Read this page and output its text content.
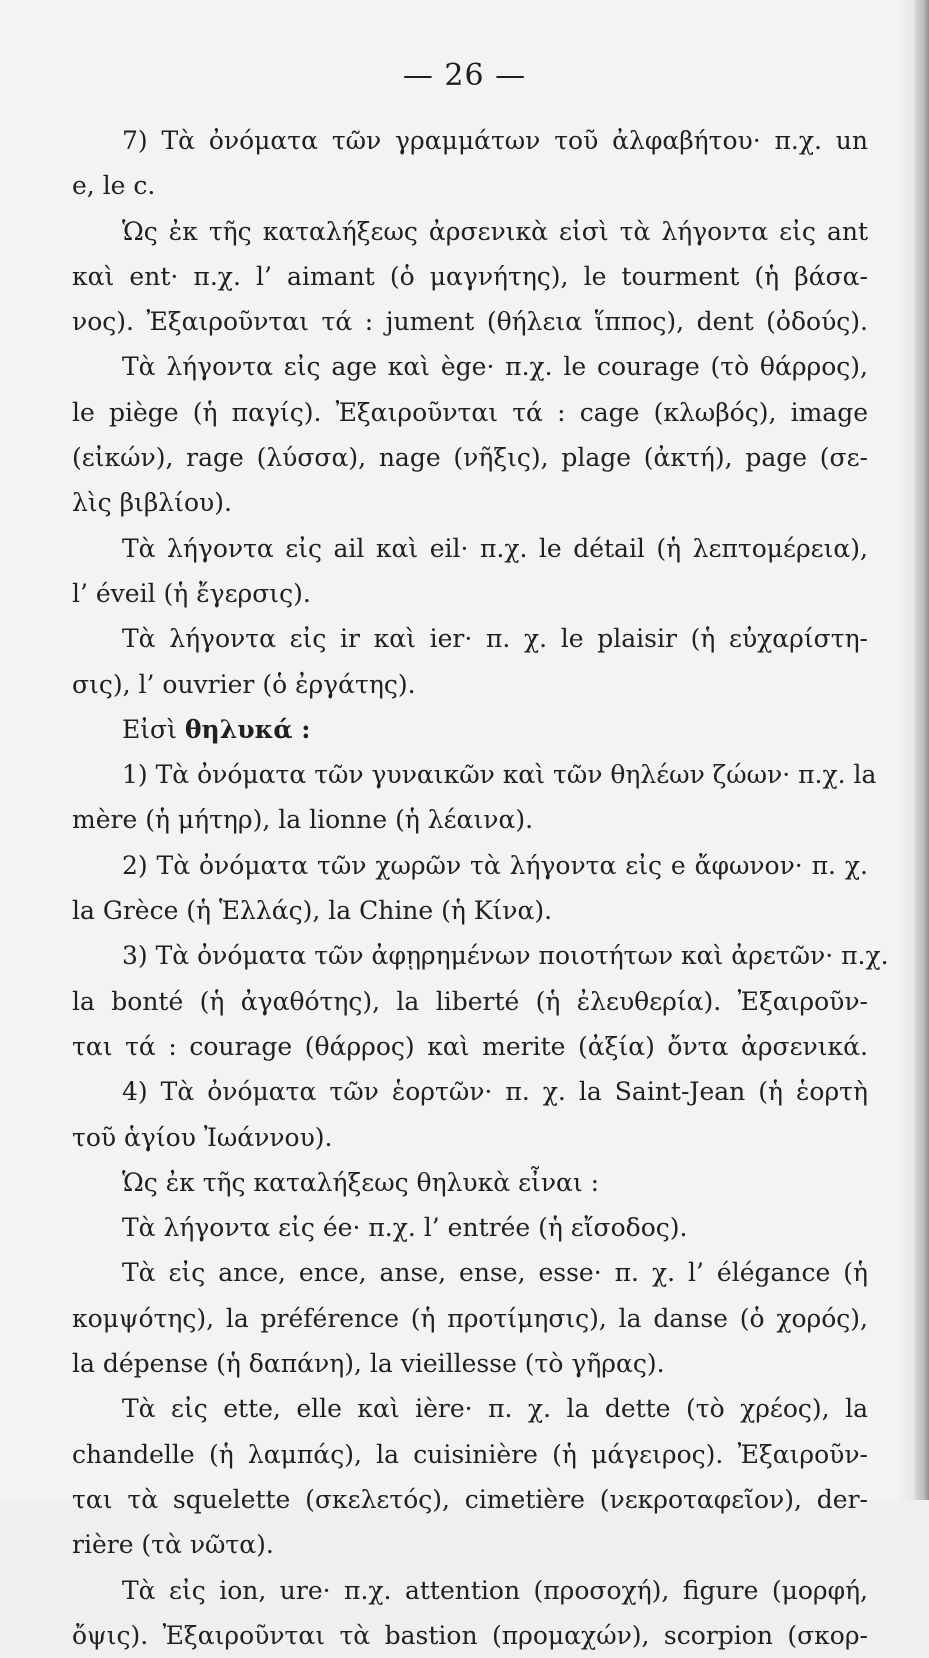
— 26 —
7) Τὰ ὀνόματα τῶν γραμμάτων τοῦ ἀλφαβήτου· π.χ. un
e, le c.
Ὡς ἐκ τῆς καταλήξεως ἀρσενικὰ εἰσὶ τὰ λήγοντα εἰς ant
καὶ ent· π.χ. l’ aimant (ὁ μαγνήτης), le tourment (ἡ βάσα-
νος). Ἐξαιροῦνται τά : jument (θήλεια ἵππος), dent (ὀδούς).
Τὰ λήγοντα εἰς age καὶ ège· π.χ. le courage (τὸ θάρρος),
le piège (ἡ παγίς). Ἐξαιροῦνται τά : cage (κλωβός), image
(εἰκών), rage (λύσσα), nage (νῆξις), plage (ἀκτή), page (σε-
λὶς βιβλίου).
Τὰ λήγοντα εἰς ail καὶ eil· π.χ. le détail (ἡ λεπτομέρεια),
l’ éveil (ἡ ἔγερσις).
Τὰ λήγοντα εἰς ir καὶ ier· π. χ. le plaisir (ἡ εὐχαρίστη-
σις), l’ ouvrier (ὁ ἐργάτης).
Εἰσὶ θηλυκά :
1) Τὰ ὀνόματα τῶν γυναικῶν καὶ τῶν θηλέων ζώων· π.χ. la
mère (ἡ μήτηρ), la lionne (ἡ λέαινα).
2) Τὰ ὀνόματα τῶν χωρῶν τὰ λήγοντα εἰς e ἄφωνον· π. χ.
la Grèce (ἡ Ἑλλάς), la Chine (ἡ Κίνα).
3) Τὰ ὀνόματα τῶν ἀφῃρημένων ποιοτήτων καὶ ἀρετῶν· π.χ.
la bonté (ἡ ἀγαθότης), la liberté (ἡ ἐλευθερία). Ἐξαιροῦν-
ται τά : courage (θάρρος) καὶ merite (ἀξία) ὄντα ἀρσενικά.
4) Τὰ ὀνόματα τῶν ἑορτῶν· π. χ. la Saint-Jean (ἡ ἑορτὴ
τοῦ ἁγίου Ἰωάννου).
Ὡς ἐκ τῆς καταλήξεως θηλυκὰ εἶναι :
Τὰ λήγοντα εἰς ée· π.χ. l’ entrée (ἡ εἴσοδος).
Τὰ εἰς ance, ence, anse, ense, esse· π. χ. l’ élégance (ἡ
κομψότης), la préférence (ἡ προτίμησις), la danse (ὁ χορός),
la dépense (ἡ δαπάνη), la vieillesse (τὸ γῆρας).
Τὰ εἰς ette, elle καὶ ière· π. χ. la dette (τὸ χρέος), la
chandelle (ἡ λαμπάς), la cuisinière (ἡ μάγειρος). Ἐξαιροῦν-
ται τὰ squelette (σκελετός), cimetière (νεκροταφεῖον), der-
rière (τὰ νῶτα).
Τὰ εἰς ion, ure· π.χ. attention (προσοχή), figure (μορφή,
ὄψις). Ἐξαιροῦνται τὰ bastion (προμαχών), scorpion (σκορ-
